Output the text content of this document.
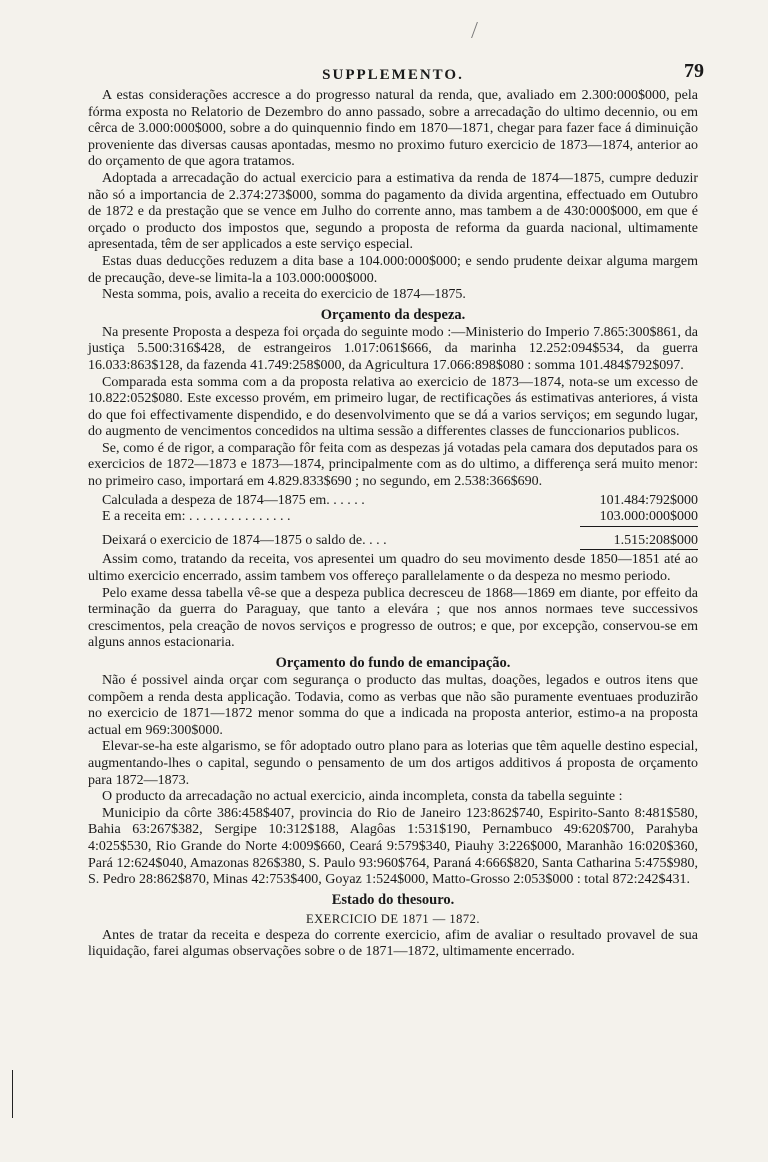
SUPPLEMENTO.	79

A estas considerações accresce a do progresso natural da renda, que, avaliado em 2.300:000$000, pela fórma exposta no Relatorio de Dezembro do anno passado, sobre a arrecadação do ultimo decennio, ou em cêrca de 3.000:000$000, sobre a do quinquennio findo em 1870—1871, chegar para fazer face á diminuição proveniente das diversas causas apontadas, mesmo no proximo futuro exercicio de 1873—1874, anterior ao do orçamento de que agora tratamos.

Adoptada a arrecadação do actual exercicio para a estimativa da renda de 1874—1875, cumpre deduzir não só a importancia de 2.374:273$000, somma do pagamento da divida argentina, effectuado em Outubro de 1872 e da prestação que se vence em Julho do corrente anno, mas tambem a de 430:000$000, em que é orçado o producto dos impostos que, segundo a proposta de reforma da guarda nacional, ultimamente apresentada, têm de ser applicados a este serviço especial.

Estas duas deducções reduzem a dita base a 104.000:000$000; e sendo prudente deixar alguma margem de precaução, deve-se limita-la a 103.000:000$000.

Nesta somma, pois, avalio a receita do exercicio de 1874—1875.

Orçamento da despeza.

Na presente Proposta a despeza foi orçada do seguinte modo :—Ministerio do Imperio 7.865:300$861, da justiça 5.500:316$428, de estrangeiros 1.017:061$666, da marinha 12.252:094$534, da guerra 16.033:863$128, da fazenda 41.749:258$000, da Agricultura 17.066:898$080 : somma 101.484$792$097.

Comparada esta somma com a da proposta relativa ao exercicio de 1873—1874, nota-se um excesso de 10.822:052$080. Este excesso provém, em primeiro lugar, de rectificações ás estimativas anteriores, á vista do que foi effectivamente dispendido, e do desenvolvimento que se dá a varios serviços; em segundo lugar, do augmento de vencimentos concedidos na ultima sessão a differentes classes de funccionarios publicos.

Se, como é de rigor, a comparação fôr feita com as despezas já votadas pela camara dos deputados para os exercicios de 1872—1873 e 1873—1874, principalmente com as do ultimo, a differença será muito menor: no primeiro caso, importará em 4.829.833$690 ; no segundo, em 2.538:366$690.

Calculada a despeza de 1874—1875 em. . . . . .	101.484:792$000
E a receita em: . . . . . . . . . . . . . . .	103.000:000$000
Deixará o exercicio de 1874—1875 o saldo de. . . .	1.515:208$000

Assim como, tratando da receita, vos apresentei um quadro do seu movimento desde 1850—1851 até ao ultimo exercicio encerrado, assim tambem vos offereço parallelamente o da despeza no mesmo periodo.

Pelo exame dessa tabella vê-se que a despeza publica decresceu de 1868—1869 em diante, por effeito da terminação da guerra do Paraguay, que tanto a elevára ; que nos annos normaes teve successivos crescimentos, pela creação de novos serviços e progresso de outros; e que, por excepção, conservou-se em alguns annos estacionaria.

Orçamento do fundo de emancipação.

Não é possivel ainda orçar com segurança o producto das multas, doações, legados e outros itens que compõem a renda desta applicação. Todavia, como as verbas que não são puramente eventuaes produzirão no exercicio de 1871—1872 menor somma do que a indicada na proposta anterior, estimo-a na proposta actual em 969:300$000.

Elevar-se-ha este algarismo, se fôr adoptado outro plano para as loterias que têm aquelle destino especial, augmentando-lhes o capital, segundo o pensamento de um dos artigos additivos á proposta de orçamento para 1872—1873.

O producto da arrecadação no actual exercicio, ainda incompleta, consta da tabella seguinte :

Municipio da côrte 386:458$407, provincia do Rio de Janeiro 123:862$740, Espirito-Santo 8:481$580, Bahia 63:267$382, Sergipe 10:312$188, Alagôas 1:531$190, Pernambuco 49:620$700, Parahyba 4:025$530, Rio Grande do Norte 4:009$660, Ceará 9:579$340, Piauhy 3:226$000, Maranhão 16:020$360, Pará 12:624$040, Amazonas 826$380, S. Paulo 93:960$764, Paraná 4:666$820, Santa Catharina 5:475$980, S. Pedro 28:862$870, Minas 42:753$400, Goyaz 1:524$000, Matto-Grosso 2:053$000 : total 872:242$431.

Estado do thesouro.
EXERCICIO DE 1871 — 1872.

Antes de tratar da receita e despeza do corrente exercicio, afim de avaliar o resultado provavel de sua liquidação, farei algumas observações sobre o de 1871—1872, ultimamente encerrado.
